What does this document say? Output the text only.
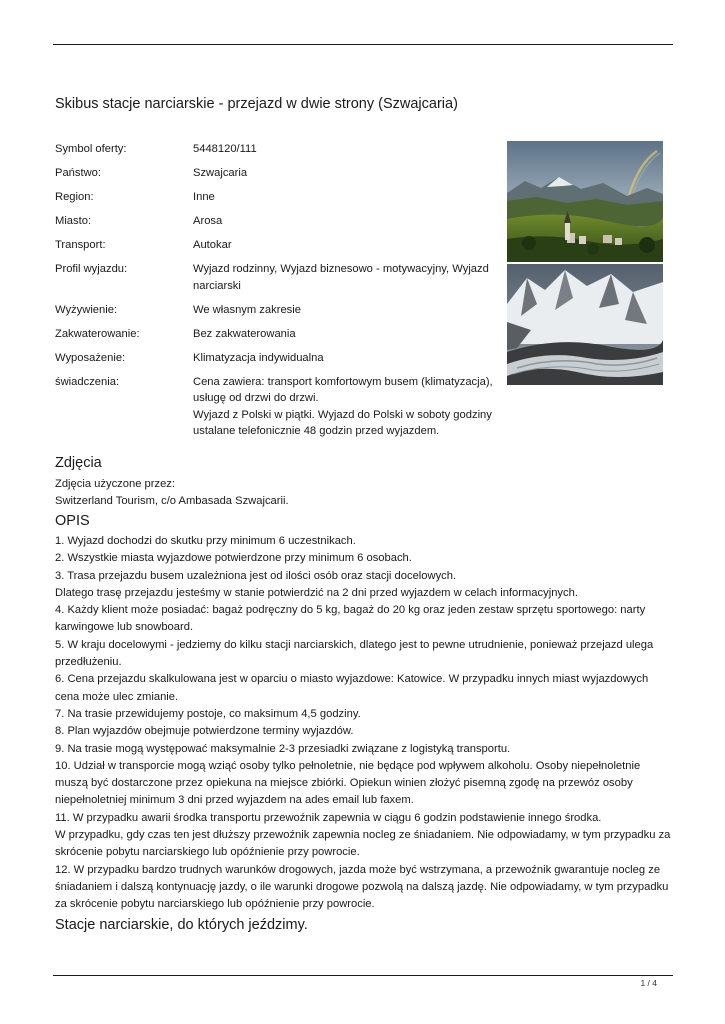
Skibus stacje narciarskie - przejazd w dwie strony (Szwajcaria)
Symbol oferty:	5448120/111
Państwo:	Szwajcaria
Region:	Inne
Miasto:	Arosa
Transport:	Autokar
Profil wyjazdu:	Wyjazd rodzinny, Wyjazd biznesowo - motywacyjny, Wyjazd narciarski
Wyżywienie:	We własnym zakresie
Zakwaterowanie:	Bez zakwaterowania
Wyposażenie:	Klimatyzacja indywidualna
świadczenia:	Cena zawiera: transport komfortowym busem (klimatyzacja), usługę od drzwi do drzwi.
Wyjazd z Polski w piątki. Wyjazd do Polski w soboty godziny ustalane telefonicznie 48 godzin przed wyjazdem.
Zdjęcia
Zdjęcia użyczone przez:
Switzerland Tourism, c/o Ambasada Szwajcarii.
OPIS

1. Wyjazd dochodzi do skutku przy minimum 6 uczestnikach.

2. Wszystkie miasta wyjazdowe potwierdzone przy minimum 6 osobach.

3. Trasa przejazdu busem uzależniona jest od ilości osób oraz stacji docelowych.

Dlatego trasę przejazdu jesteśmy w stanie potwierdzić na 2 dni przed wyjazdem w celach informacyjnych.

4. Każdy klient może posiadać: bagaż podręczny do 5 kg, bagaż do 20 kg oraz jeden zestaw sprzętu sportowego: narty karwingowe lub snowboard.

5. W kraju docelowymi - jedziemy do kilku stacji narciarskich, dlatego jest to pewne utrudnienie, ponieważ przejazd ulega przedłużeniu.

6. Cena przejazdu skalkulowana jest w oparciu o miasto wyjazdowe: Katowice. W przypadku innych miast wyjazdowych cena może ulec zmianie.

7. Na trasie przewidujemy postoje, co maksimum 4,5 godziny.

8. Plan wyjazdów obejmuje potwierdzone terminy wyjazdów.

9. Na trasie mogą występować maksymalnie 2-3 przesiadki związane z logistyką transportu.

10. Udział w transporcie mogą wziąć osoby tylko pełnoletnie, nie będące pod wpływem alkoholu. Osoby niepełnoletnie muszą być dostarczone przez opiekuna na miejsce zbiórki. Opiekun winien złożyć pisemną zgodę na przewóz osoby niepełnoletniej minimum 3 dni przed wyjazdem na ades email lub faxem.

11. W przypadku awarii środka transportu przewoźnik zapewnia w ciągu 6 godzin podstawienie innego środka.

W przypadku, gdy czas ten jest dłuższy przewoźnik zapewnia nocleg ze śniadaniem. Nie odpowiadamy, w tym przypadku za skrócenie pobytu narciarskiego lub opóźnienie przy powrocie.

12. W przypadku bardzo trudnych warunków drogowych, jazda może być wstrzymana, a przewoźnik gwarantuje nocleg ze śniadaniem i dalszą kontynuację jazdy, o ile warunki drogowe pozwolą na dalszą jazdę. Nie odpowiadamy, w tym przypadku za skrócenie pobytu narciarskiego lub opóźnienie przy powrocie.

Stacje narciarskie, do których jeździmy.
1 / 4
